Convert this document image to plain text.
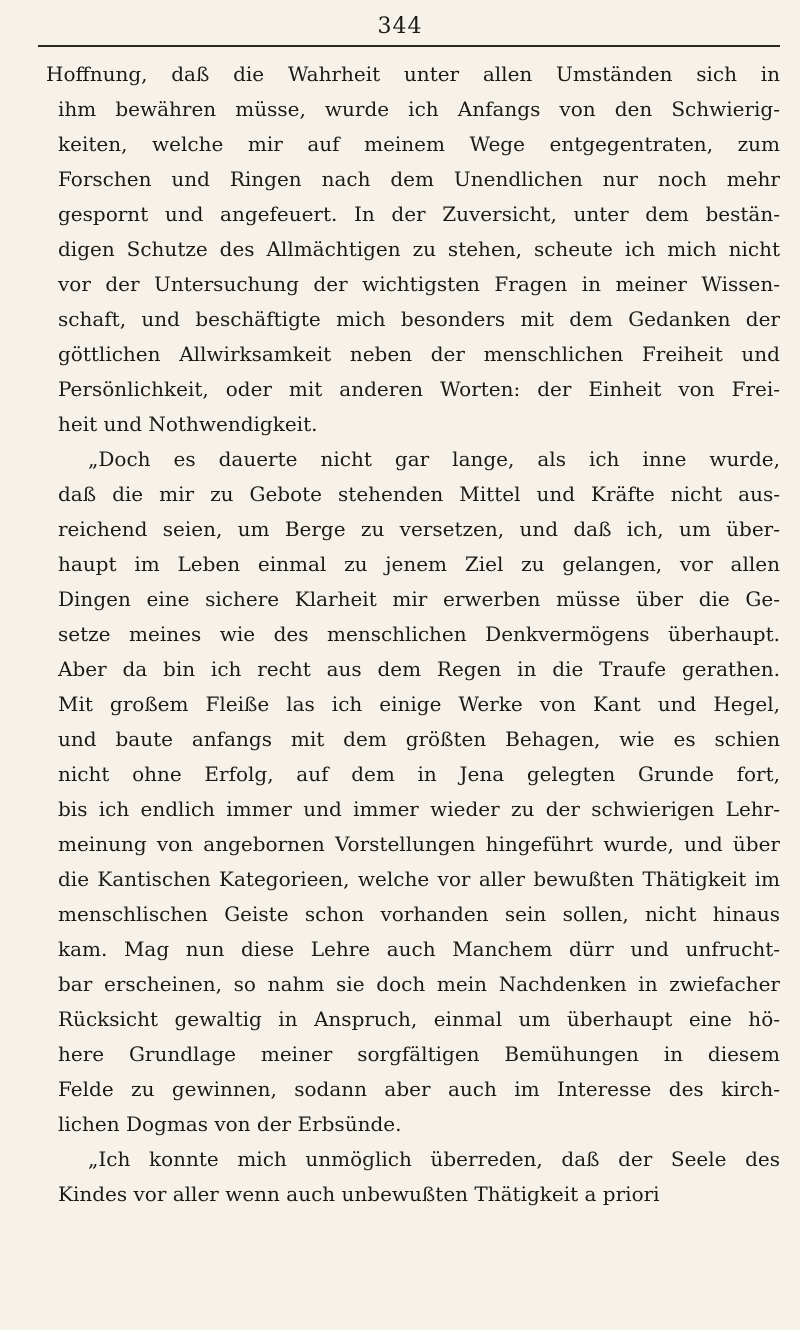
344
Hoffnung, daß die Wahrheit unter allen Umständen sich in
ihm bewähren müsse, wurde ich Anfangs von den Schwierig-
keiten, welche mir auf meinem Wege entgegentraten, zum
Forschen und Ringen nach dem Unendlichen nur noch mehr
gespornt und angefeuert. In der Zuversicht, unter dem bestän-
digen Schutze des Allmächtigen zu stehen, scheute ich mich nicht
vor der Untersuchung der wichtigsten Fragen in meiner Wissen-
schaft, und beschäftigte mich besonders mit dem Gedanken der
göttlichen Allwirksamkeit neben der menschlichen Freiheit und
Persönlichkeit, oder mit anderen Worten: der Einheit von Frei-
heit und Nothwendigkeit.
„Doch es dauerte nicht gar lange, als ich inne wurde,
daß die mir zu Gebote stehenden Mittel und Kräfte nicht aus-
reichend seien, um Berge zu versetzen, und daß ich, um über-
haupt im Leben einmal zu jenem Ziel zu gelangen, vor allen
Dingen eine sichere Klarheit mir erwerben müsse über die Ge-
setze meines wie des menschlichen Denkvermögens überhaupt.
Aber da bin ich recht aus dem Regen in die Traufe gerathen.
Mit großem Fleiße las ich einige Werke von Kant und Hegel,
und baute anfangs mit dem größten Behagen, wie es schien
nicht ohne Erfolg, auf dem in Jena gelegten Grunde fort,
bis ich endlich immer und immer wieder zu der schwierigen Lehr-
meinung von angebornen Vorstellungen hingeführt wurde, und über
die Kantischen Kategorieen, welche vor aller bewußten Thätigkeit im
menschlischen Geiste schon vorhanden sein sollen, nicht hinaus
kam. Mag nun diese Lehre auch Manchem dürr und unfrucht-
bar erscheinen, so nahm sie doch mein Nachdenken in zwiefacher
Rücksicht gewaltig in Anspruch, einmal um überhaupt eine hö-
here Grundlage meiner sorgfältigen Bemühungen in diesem
Felde zu gewinnen, sodann aber auch im Interesse des kirch-
lichen Dogmas von der Erbsünde.
„Ich konnte mich unmöglich überreden, daß der Seele des
Kindes vor aller wenn auch unbewußten Thätigkeit a priori
